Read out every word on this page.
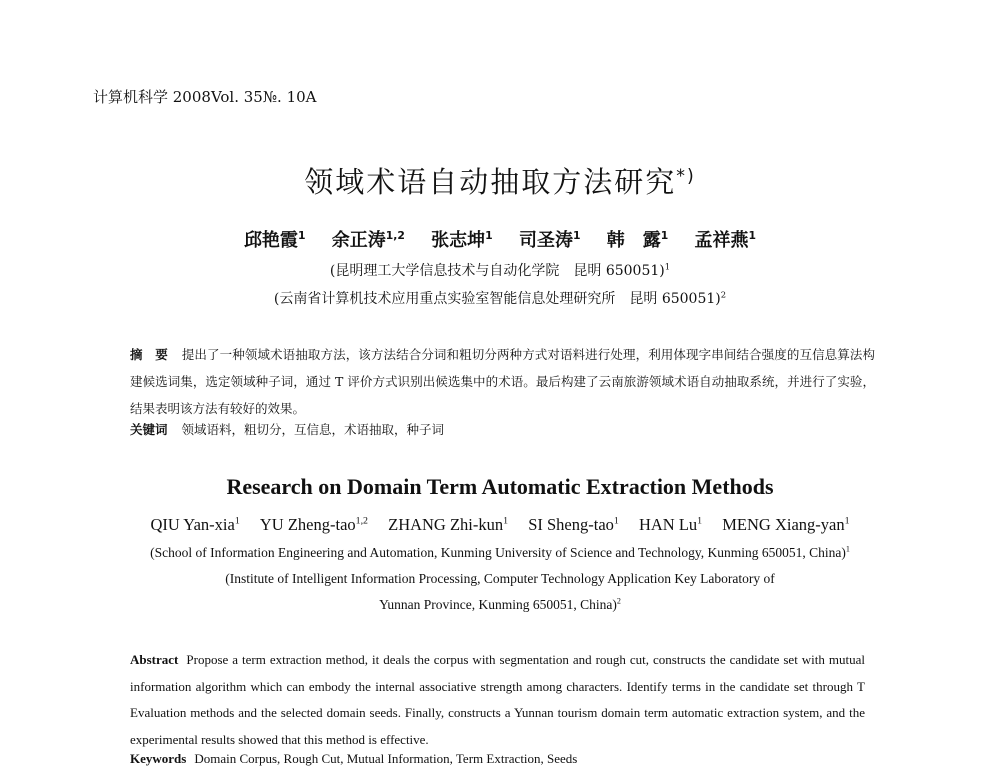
计算机科学 2008Vol. 35№. 10A
领域术语自动抽取方法研究*)
邱艳霞$^1$ 余正涛$^{1,2}$ 张志坤$^1$ 司圣涛$^1$ 韩　露$^1$ 孟祥燕$^1$
(昆明理工大学信息技术与自动化学院　昆明 650051)$^1$
(云南省计算机技术应用重点实验室智能信息处理研究所　昆明 650051)$^2$
摘　要 提出了一种领域术语抽取方法，该方法结合分词和粗切分两种方式对语料进行处理，利用体现字串间结合强度的互信息算法构建候选词集，选定领域种子词，通过 T 评价方式识别出候选集中的术语。最后构建了云南旅游领域术语自动抽取系统，并进行了实验，结果表明该方法有较好的效果。
关键词 领域语料，粗切分，互信息，术语抽取，种子词
Research on Domain Term Automatic Extraction Methods
QIU Yan-xia$^1$ YU Zheng-tao$^{1,2}$ ZHANG Zhi-kun$^1$ SI Sheng-tao$^1$ HAN Lu$^1$ MENG Xiang-yan$^1$
(School of Information Engineering and Automation, Kunming University of Science and Technology, Kunming 650051, China)$^1$
(Institute of Intelligent Information Processing, Computer Technology Application Key Laboratory of
Yunnan Province, Kunming 650051, China)$^2$
Abstract Propose a term extraction method, it deals the corpus with segmentation and rough cut, constructs the candidate set with mutual information algorithm which can embody the internal associative strength among characters. Identify terms in the candidate set through T Evaluation methods and the selected domain seeds. Finally, constructs a Yunnan tourism domain term automatic extraction system, and the experimental results showed that this method is effective.
Keywords Domain Corpus, Rough Cut, Mutual Information, Term Extraction, Seeds
